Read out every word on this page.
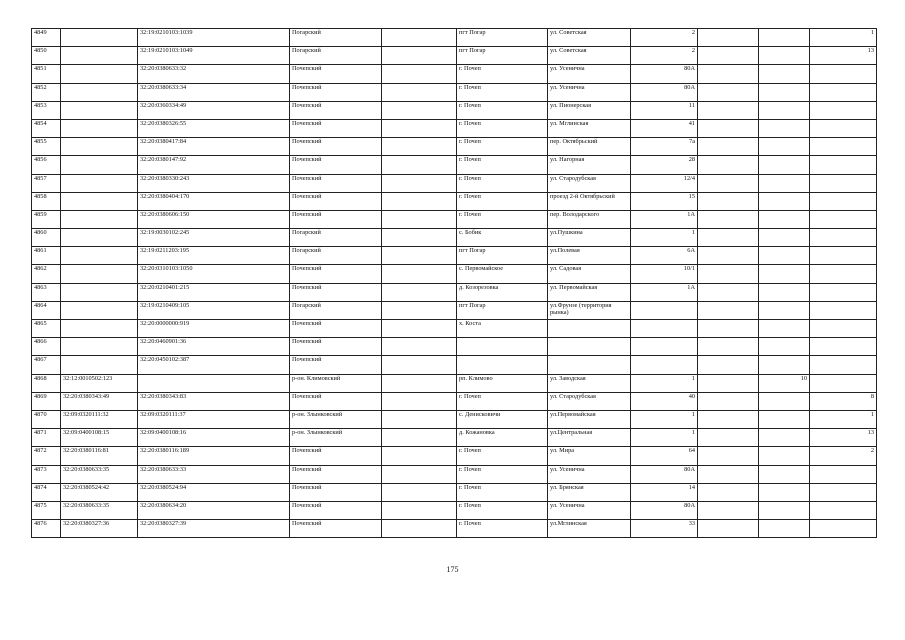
4849		32:19:0210103:1039	Погарский		пгт Погар	ул. Советская	2			1
4850		32:19:0210103:1049	Погарский		пгт Погар	ул. Советская	2			13
4851		32:20:0380633:32	Почепский		г. Почеп	ул. Усенична	80А			
4852		32:20:0380633:34	Почепский		г. Почеп	ул. Усенична	80А			
4853		32:20:0360334:49	Почепский		г. Почеп	ул. Пионерская	11			
4854		32:20:0380326:55	Почепский		г. Почеп	ул. Мглинская	41			
4855		32:20:0380417:84	Почепский		г. Почеп	пер. Октябрьский	7а			
4856		32:20:0380147:92	Почепский		г. Почеп	ул. Нагорная	28			
4857		32:20:0380330:243	Почепский		г. Почеп	ул. Стародубская	12/4			
4858		32:20:0380404:170	Почепский		г. Почеп	проезд 2-й Октябрьский	15			
4859		32:20:0380606:150	Почепский		г. Почеп	пер. Володарского	1А			
4860		32:19:0030102:245	Погарский		с. Бобик	ул.Пушкина	1			
4861		32:19:0211203:195	Погарский		пгт Погар	ул.Полевая	6А			
4862		32:20:0310103:1050	Почепский		с. Первомайское	ул. Садовая	10/1			
4863		32:20:0210401:215	Почепский		д. Козорезовка	ул. Первомайская	1А			
4864		32:19:0210409:105	Погарский		пгт Погар	ул.Фрунзе (территория рынка)				
4865		32:20:0000000:919	Почепский		х. Коста					
4866		32:20:0460901:36	Почепский							
4867		32:20:0450102:387	Почепский							
4868	32:12:0010502:123		р-он. Климовский		рп. Климово	ул. Заводская	1		10	
4869	32:20:0380343:49	32:20:0380343:83	Почепский		г. Почеп	ул. Стародубская	40			8
4870	32:09:0320111:32	32:09:0320111:37	р-он. Злынковский		с. Денисковичи	ул.Первомайская	1			1
4871	32:09:0400108:15	32:09:0400108:16	р-он. Злынковский		д. Кожановка	ул.Центральная	1			13
4872	32:20:0380116:81	32:20:0380116:189	Почепский		г. Почеп	ул. Мира	64			2
4873	32:20:0380633:35	32:20:0380633:33	Почепский		г. Почеп	ул. Усенична	80А			
4874	32:20:0380524:42	32:20:0380524:94	Почепский		г. Почеп	ул. Брянская	14			
4875	32:20:0380633:35	32:20:0380634:20	Почепский		г. Почеп	ул. Усенична	80А			
4876	32:20:0380327:36	32:20:0380327:39	Почепский		г. Почеп	ул.Мглинская	33			
175
